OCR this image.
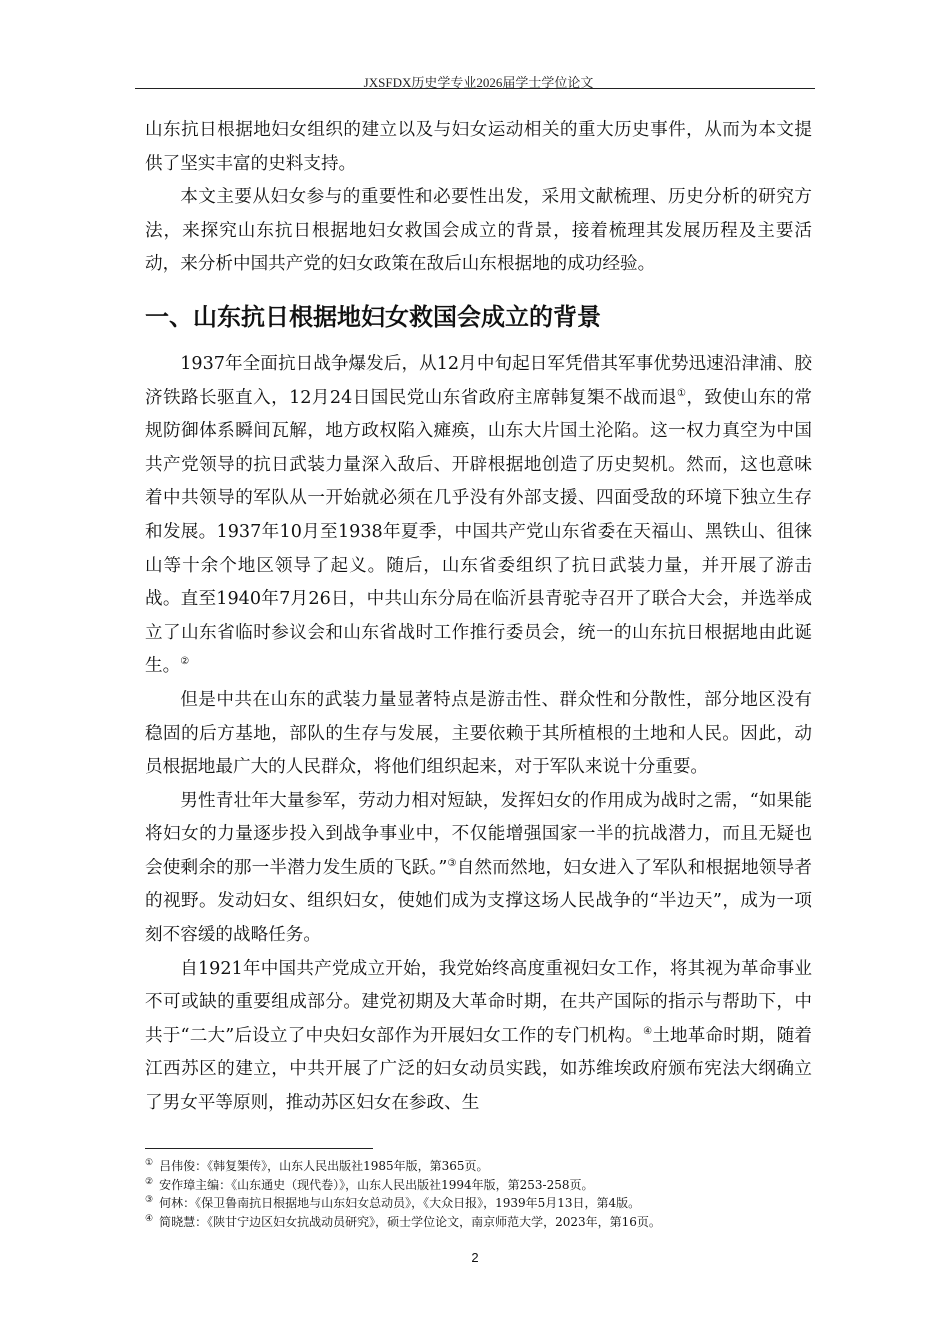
JXSFDX历史学专业2026届学士学位论文

山东抗日根据地妇女组织的建立以及与妇女运动相关的重大历史事件，从而为本文提供了坚实丰富的史料支持。

本文主要从妇女参与的重要性和必要性出发，采用文献梳理、历史分析的研究方法，来探究山东抗日根据地妇女救国会成立的背景，接着梳理其发展历程及主要活动，来分析中国共产党的妇女政策在敌后山东根据地的成功经验。

一、山东抗日根据地妇女救国会成立的背景

1937年全面抗日战争爆发后，从12月中旬起日军凭借其军事优势迅速沿津浦、胶济铁路长驱直入，12月24日国民党山东省政府主席韩复榘不战而退①，致使山东的常规防御体系瞬间瓦解，地方政权陷入瘫痪，山东大片国土沦陷。这一权力真空为中国共产党领导的抗日武装力量深入敌后、开辟根据地创造了历史契机。然而，这也意味着中共领导的军队从一开始就必须在几乎没有外部支援、四面受敌的环境下独立生存和发展。1937年10月至1938年夏季，中国共产党山东省委在天福山、黑铁山、徂徕山等十余个地区领导了起义。随后，山东省委组织了抗日武装力量，并开展了游击战。直至1940年7月26日，中共山东分局在临沂县青驼寺召开了联合大会，并选举成立了山东省临时参议会和山东省战时工作推行委员会，统一的山东抗日根据地由此诞生。②

但是中共在山东的武装力量显著特点是游击性、群众性和分散性，部分地区没有稳固的后方基地，部队的生存与发展，主要依赖于其所植根的土地和人民。因此，动员根据地最广大的人民群众，将他们组织起来，对于军队来说十分重要。

男性青壮年大量参军，劳动力相对短缺，发挥妇女的作用成为战时之需，“如果能将妇女的力量逐步投入到战争事业中，不仅能增强国家一半的抗战潜力，而且无疑也会使剩余的那一半潜力发生质的飞跃。”③自然而然地，妇女进入了军队和根据地领导者的视野。发动妇女、组织妇女，使她们成为支撑这场人民战争的“半边天”，成为一项刻不容缓的战略任务。

自1921年中国共产党成立开始，我党始终高度重视妇女工作，将其视为革命事业不可或缺的重要组成部分。建党初期及大革命时期，在共产国际的指示与帮助下，中共于“二大”后设立了中央妇女部作为开展妇女工作的专门机构。④土地革命时期，随着江西苏区的建立，中共开展了广泛的妇女动员实践，如苏维埃政府颁布宪法大纲确立了男女平等原则，推动苏区妇女在参政、生

① 吕伟俊：《韩复榘传》，山东人民出版社1985年版，第365页。
② 安作璋主编：《山东通史（现代卷）》，山东人民出版社1994年版，第253-258页。
③ 何林：《保卫鲁南抗日根据地与山东妇女总动员》，《大众日报》，1939年5月13日，第4版。
④ 简晓慧：《陕甘宁边区妇女抗战动员研究》，硕士学位论文，南京师范大学，2023年，第16页。
2
